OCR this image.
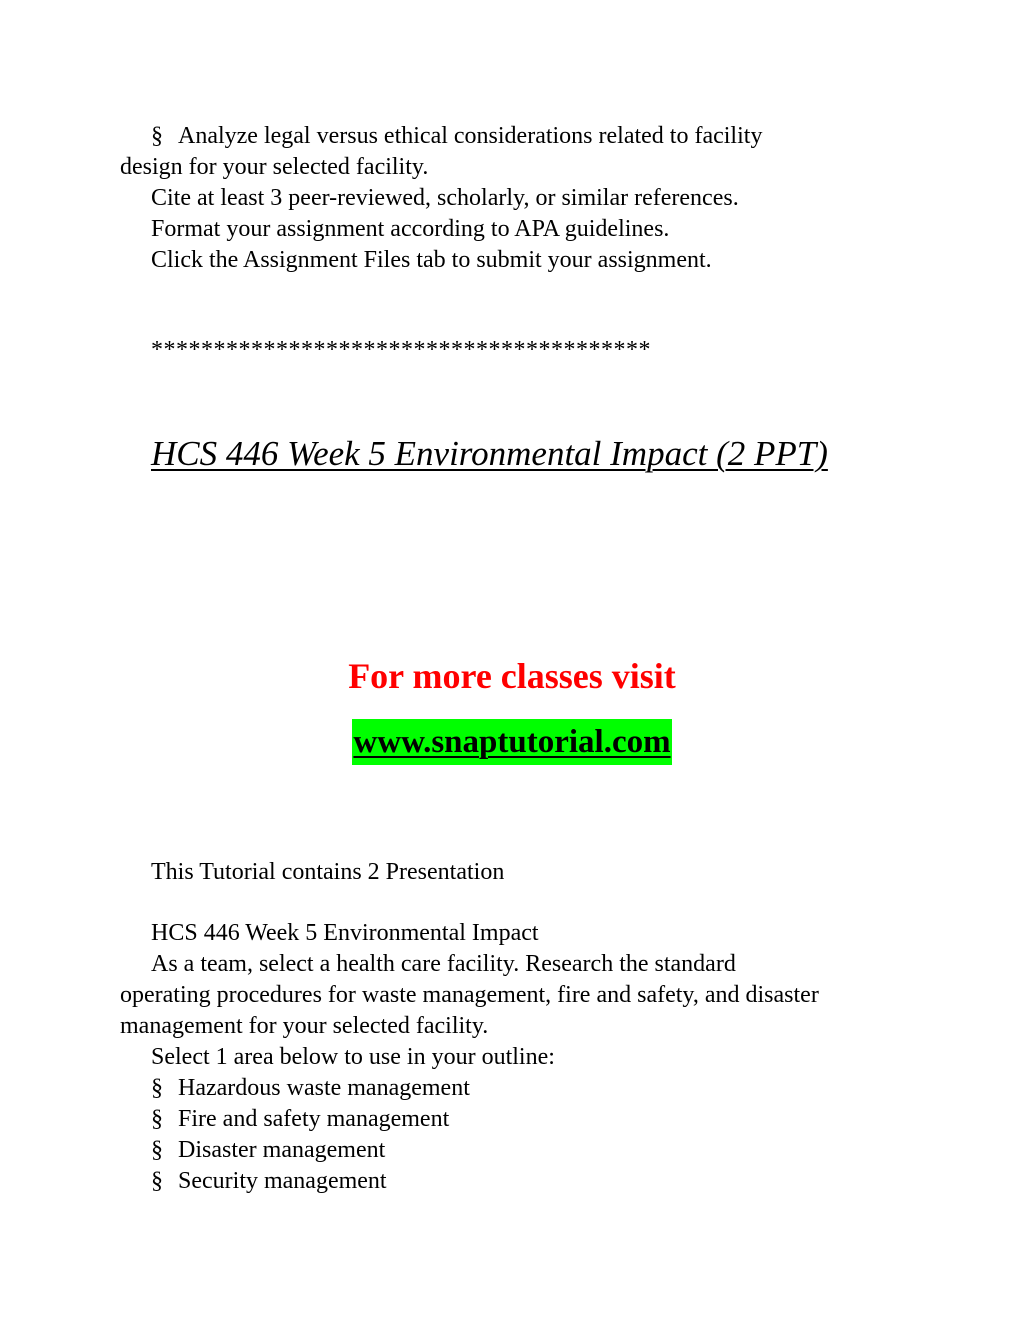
§ Analyze legal versus ethical considerations related to facility

design for your selected facility.

Cite at least 3 peer-reviewed, scholarly, or similar references.

Format your assignment according to APA guidelines.

Click the Assignment Files tab to submit your assignment.

****************************************
HCS 446 Week 5 Environmental Impact (2 PPT)
For more classes visit
www.snaptutorial.com

This Tutorial contains 2 Presentation

HCS 446 Week 5 Environmental Impact

As a team, select a health care facility. Research the standard

operating procedures for waste management, fire and safety, and disaster

management for your selected facility.

Select 1 area below to use in your outline:

§ Hazardous waste management

§ Fire and safety management

§ Disaster management

§ Security management
